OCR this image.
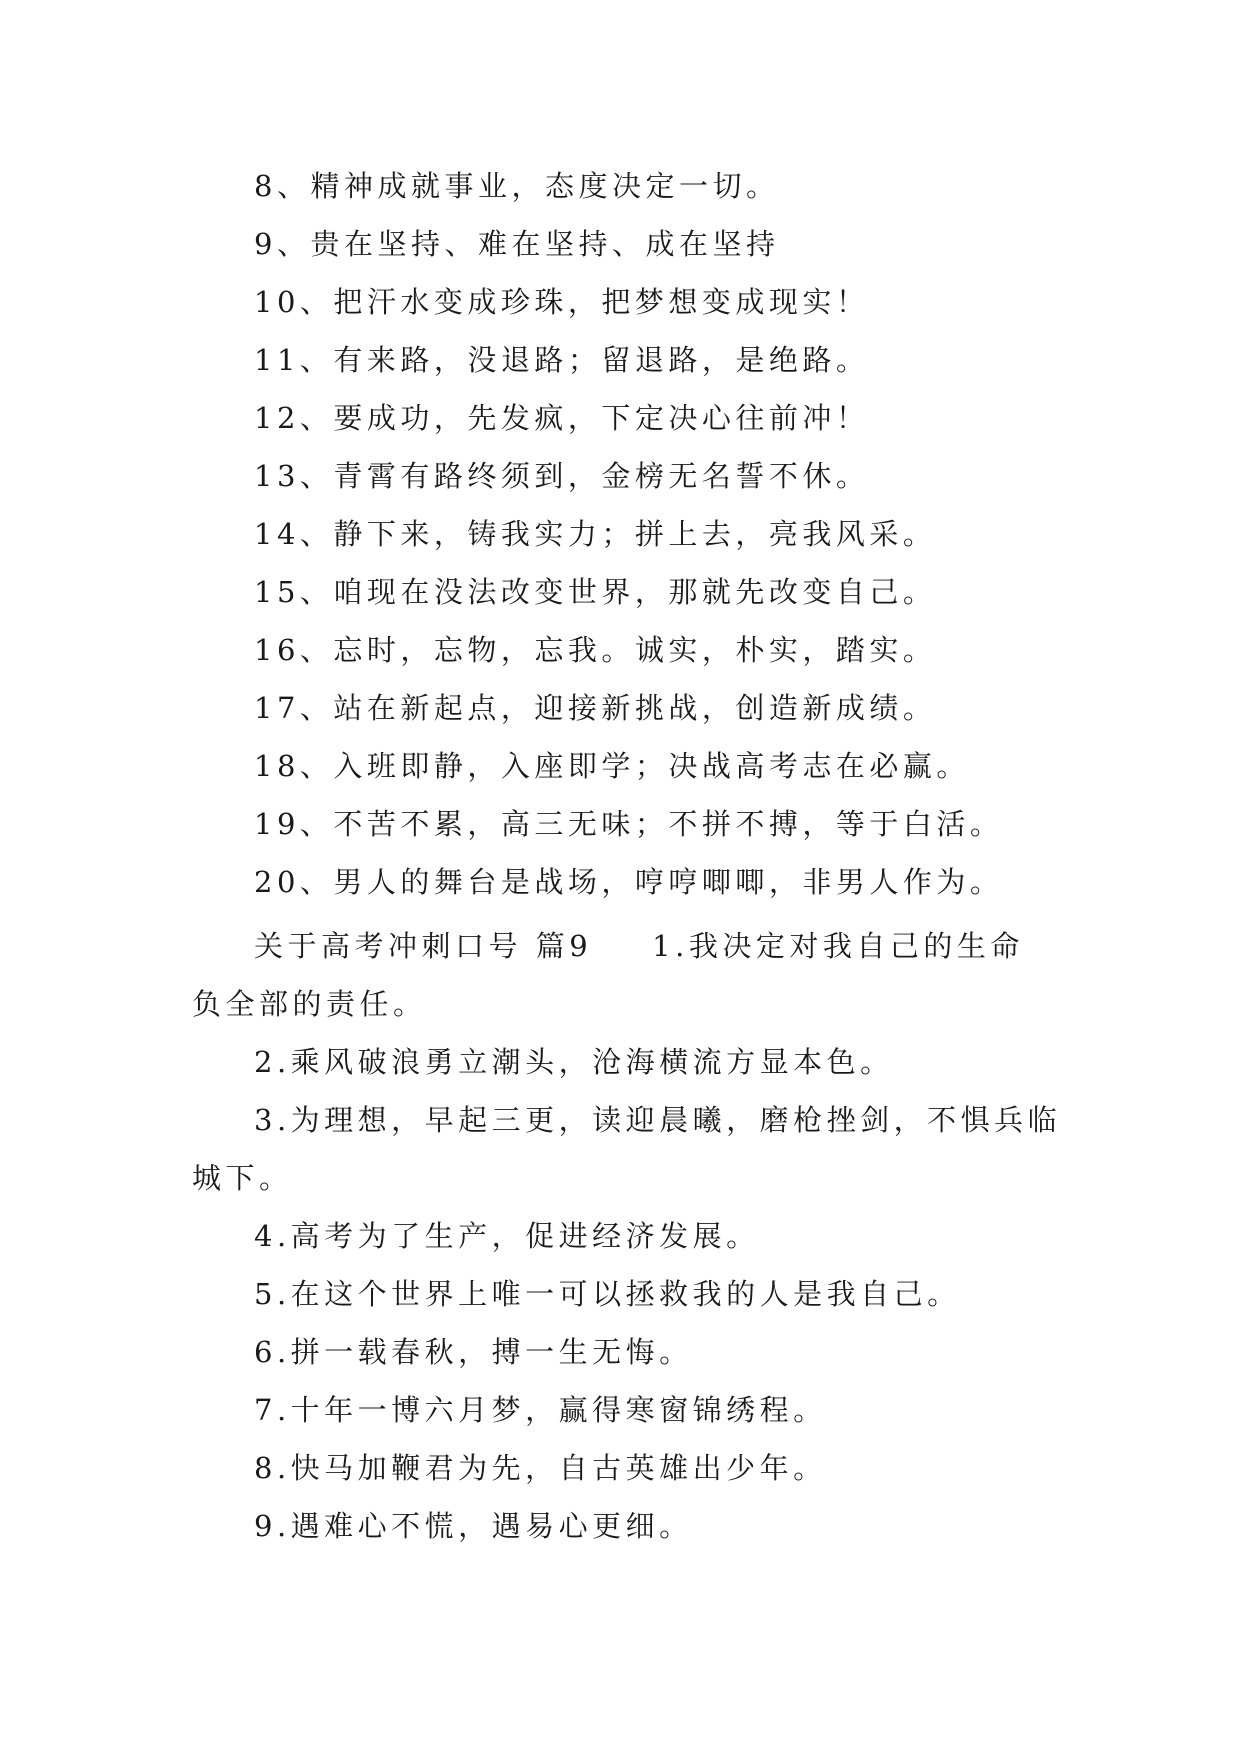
8、精神成就事业，态度决定一切。
9、贵在坚持、难在坚持、成在坚持
10、把汗水变成珍珠，把梦想变成现实！
11、有来路，没退路；留退路，是绝路。
12、要成功，先发疯，下定决心往前冲！
13、青霄有路终须到，金榜无名誓不休。
14、静下来，铸我实力；拼上去，亮我风采。
15、咱现在没法改变世界，那就先改变自己。
16、忘时，忘物，忘我。诚实，朴实，踏实。
17、站在新起点，迎接新挑战，创造新成绩。
18、入班即静，入座即学；决战高考志在必赢。
19、不苦不累，高三无味；不拼不搏，等于白活。
20、男人的舞台是战场，哼哼唧唧，非男人作为。
关于高考冲刺口号 篇9 1.我决定对我自己的生命
负全部的责任。
2.乘风破浪勇立潮头，沧海横流方显本色。
3.为理想，早起三更，读迎晨曦，磨枪挫剑，不惧兵临
城下。
4.高考为了生产，促进经济发展。
5.在这个世界上唯一可以拯救我的人是我自己。
6.拼一载春秋，搏一生无悔。
7.十年一博六月梦，赢得寒窗锦绣程。
8.快马加鞭君为先，自古英雄出少年。
9.遇难心不慌，遇易心更细。
